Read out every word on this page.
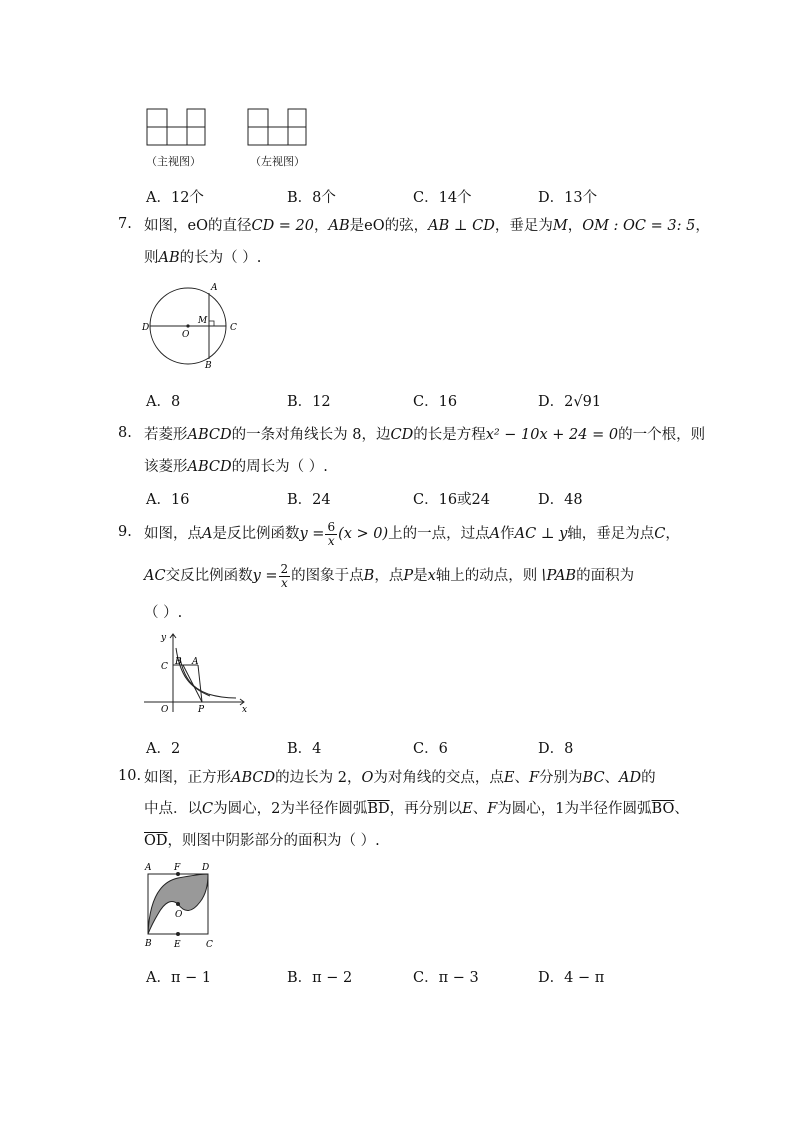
（主视图）	（左视图）
A．12个	B．8个	C．14个	D．13个
7. 如图，eO的直径CD = 20，AB是eO的弦，AB ⊥ CD，垂足为M，OM : OC = 3: 5，
则AB的长为（ ）.
A
B
C
D
M
O
A．8	B．12	C．16	D．2√91
8. 若菱形ABCD的一条对角线长为 8，边CD的长是方程x² − 10x + 24 = 0的一个根，则
该菱形ABCD的周长为（ ）.
A．16	B．24	C．16或24	D．48
9. 如图，点A是反比例函数$y = \frac{6}{x} (x > 0)$上的一点，过点A作AC ⊥ y轴，垂足为点C，
AC交反比例函数$y = \frac{2}{x}$ 的图象于点B，点P是x轴上的动点，则∖PAB的面积为
（ ）.
y
x
C B A
O	P
A．2	B．4	C．6	D．8
10. 如图，正方形ABCD的边长为 2，O为对角线的交点，点E、F分别为BC、AD的
中点．以C为圆心，2为半径作圆弧$\overline{BD}$，再分别以E、F为圆心，1为半径作圆弧$\overline{BO}$、
$\overline{OD}$，则图中阴影部分的面积为（ ）.
A	F D
O
B E	C
A．π − 1	B．π − 2	C．π − 3	D．4 − π
